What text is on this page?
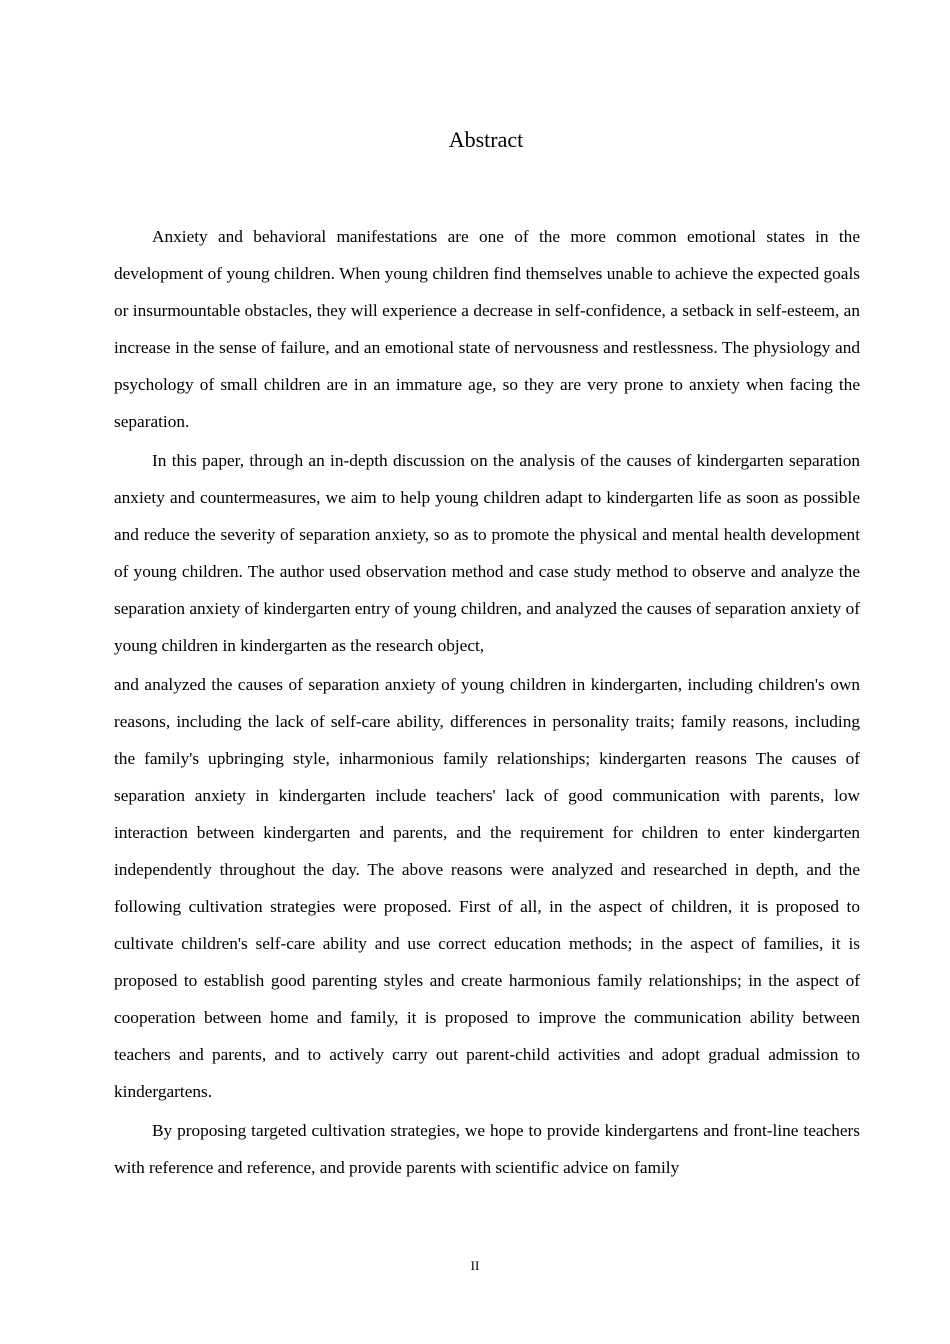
Abstract

Anxiety and behavioral manifestations are one of the more common emotional states in the development of young children. When young children find themselves unable to achieve the expected goals or insurmountable obstacles, they will experience a decrease in self-confidence, a setback in self-esteem, an increase in the sense of failure, and an emotional state of nervousness and restlessness. The physiology and psychology of small children are in an immature age, so they are very prone to anxiety when facing the separation.

In this paper, through an in-depth discussion on the analysis of the causes of kindergarten separation anxiety and countermeasures, we aim to help young children adapt to kindergarten life as soon as possible and reduce the severity of separation anxiety, so as to promote the physical and mental health development of young children. The author used observation method and case study method to observe and analyze the separation anxiety of kindergarten entry of young children, and analyzed the causes of separation anxiety of young children in kindergarten as the research object,

and analyzed the causes of separation anxiety of young children in kindergarten, including children's own reasons, including the lack of self-care ability, differences in personality traits; family reasons, including the family's upbringing style, inharmonious family relationships; kindergarten reasons The causes of separation anxiety in kindergarten include teachers' lack of good communication with parents, low interaction between kindergarten and parents, and the requirement for children to enter kindergarten independently throughout the day. The above reasons were analyzed and researched in depth, and the following cultivation strategies were proposed. First of all, in the aspect of children, it is proposed to cultivate children's self-care ability and use correct education methods; in the aspect of families, it is proposed to establish good parenting styles and create harmonious family relationships; in the aspect of cooperation between home and family, it is proposed to improve the communication ability between teachers and parents, and to actively carry out parent-child activities and adopt gradual admission to kindergartens.

By proposing targeted cultivation strategies, we hope to provide kindergartens and front-line teachers with reference and reference, and provide parents with scientific advice on family

II
